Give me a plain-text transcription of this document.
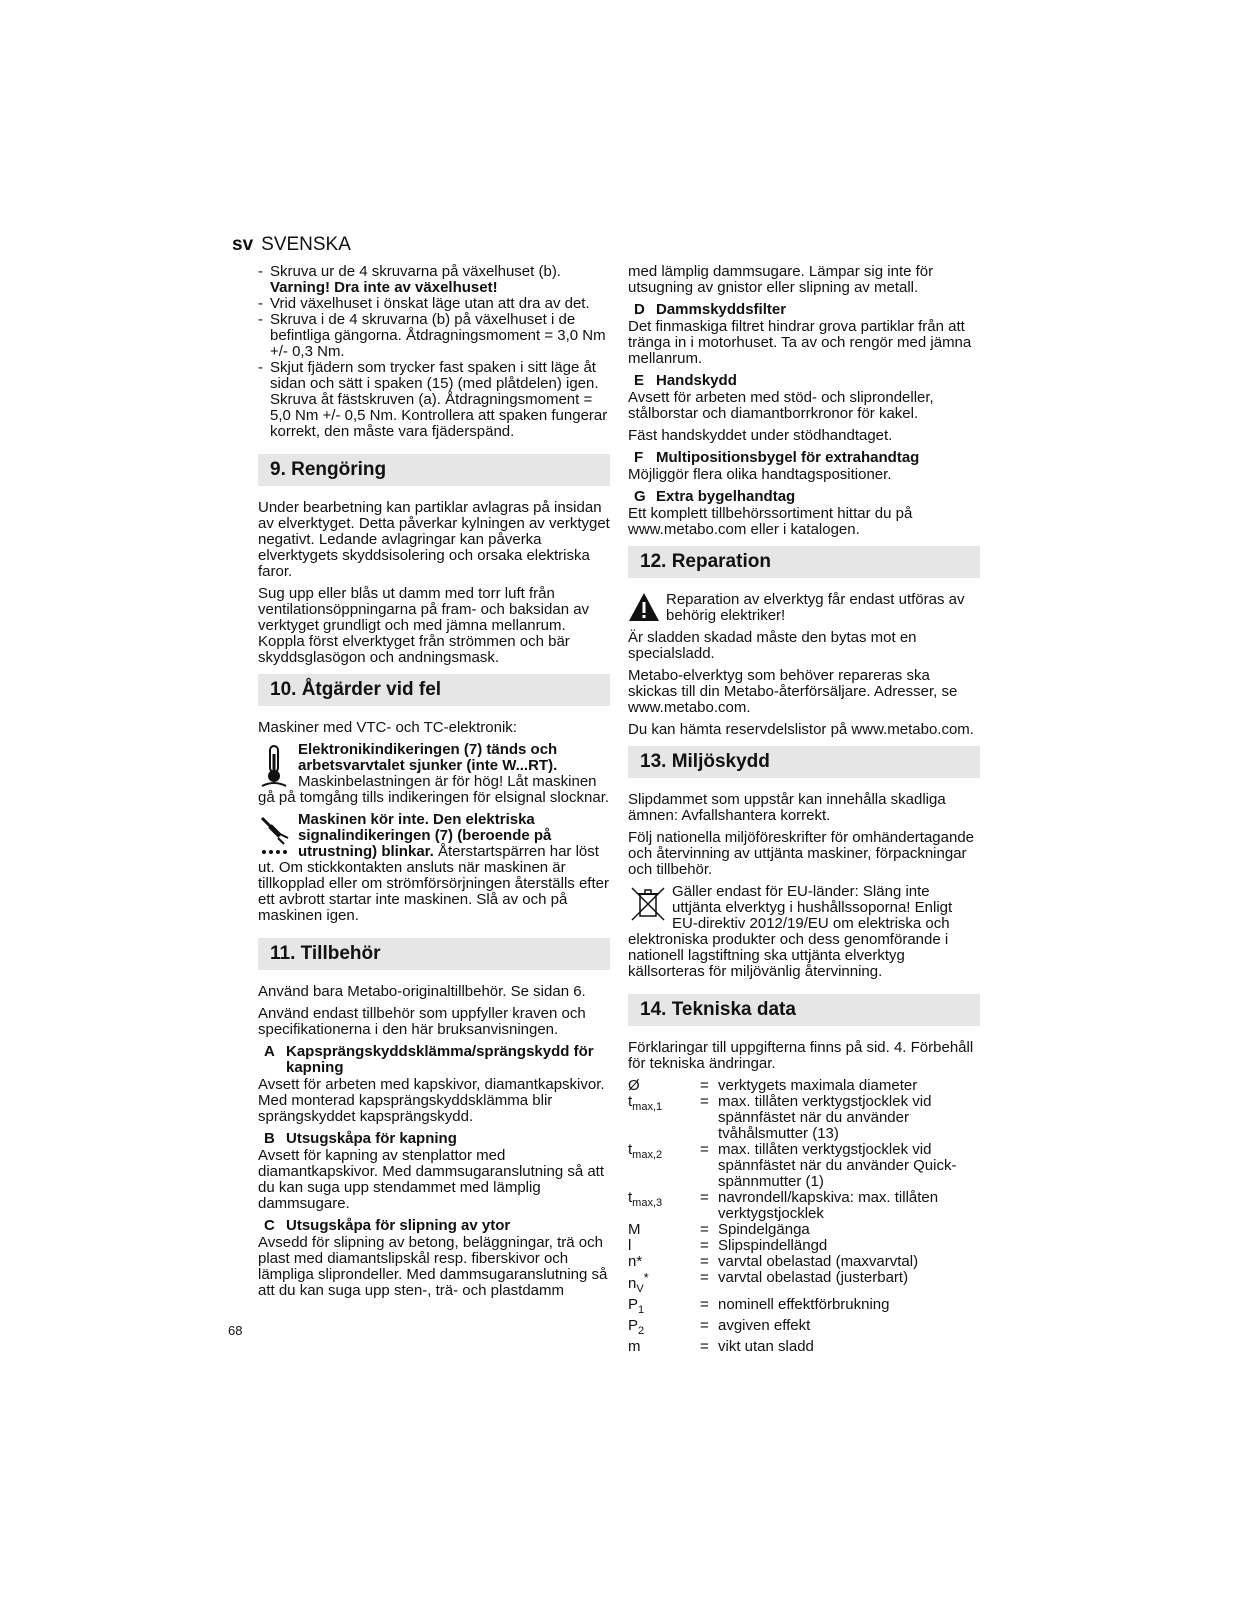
sv SVENSKA
- Skruva ur de 4 skruvarna på växelhuset (b).
Varning! Dra inte av växelhuset!
- Vrid växelhuset i önskat läge utan att dra av det.
- Skruva i de 4 skruvarna (b) på växelhuset i de befintliga gängorna. Åtdragningsmoment = 3,0 Nm +/- 0,3 Nm.
- Skjut fjädern som trycker fast spaken i sitt läge åt sidan och sätt i spaken (15) (med plåtdelen) igen. Skruva åt fästskruven (a). Åtdragningsmoment = 5,0 Nm +/- 0,5 Nm. Kontrollera att spaken fungerar korrekt, den måste vara fjäderspänd.
9. Rengöring

Under bearbetning kan partiklar avlagras på insidan av elverktyget. Detta påverkar kylningen av verktyget negativt. Ledande avlagringar kan påverka elverktygets skyddsisolering och orsaka elektriska faror.

Sug upp eller blås ut damm med torr luft från ventilationsöppningarna på fram- och baksidan av verktyget grundligt och med jämna mellanrum. Koppla först elverktyget från strömmen och bär skyddsglasögon och andningsmask.

10. Åtgärder vid fel

Maskiner med VTC- och TC-elektronik:

Elektronikindikeringen (7) tänds och arbetsvarvtalet sjunker (inte W...RT). Maskinbelastningen är för hög! Låt maskinen gå på tomgång tills indikeringen för elsignal slocknar.
Maskinen kör inte. Den elektriska signalindikeringen (7) (beroende på utrustning) blinkar. Återstartspärren har löst ut. Om stickkontakten ansluts när maskinen är tillkopplad eller om strömförsörjningen återställs efter ett avbrott startar inte maskinen. Slå av och på maskinen igen.
11. Tillbehör

Använd bara Metabo-originaltillbehör. Se sidan 6.

Använd endast tillbehör som uppfyller kraven och specifikationerna i den här bruksanvisningen.

A Kapsprängskyddsklämma/sprängskydd för kapning

Avsett för arbeten med kapskivor, diamantkapskivor. Med monterad kapsprängskyddsklämma blir sprängskyddet kapsprängskydd.

B Utsugskåpa för kapning

Avsett för kapning av stenplattor med diamantkapskivor. Med dammsugaranslutning så att du kan suga upp stendammet med lämplig dammsugare.

C Utsugskåpa för slipning av ytor

Avsedd för slipning av betong, beläggningar, trä och plast med diamantslipskål resp. fiberskivor och lämpliga sliprondeller. Med dammsugaranslutning så att du kan suga upp sten-, trä- och plastdamm

med lämplig dammsugare. Lämpar sig inte för utsugning av gnistor eller slipning av metall.

D Dammskyddsfilter

Det finmaskiga filtret hindrar grova partiklar från att tränga in i motorhuset. Ta av och rengör med jämna mellanrum.

E Handskydd

Avsett för arbeten med stöd- och sliprondeller, stålborstar och diamantborrkronor för kakel.

Fäst handskyddet under stödhandtaget.

F Multipositionsbygel för extrahandtag

Möjliggör flera olika handtagspositioner.

G Extra bygelhandtag

Ett komplett tillbehörssortiment hittar du på www.metabo.com eller i katalogen.

12. Reparation
Reparation av elverktyg får endast utföras av behörig elektriker!

Är sladden skadad måste den bytas mot en specialsladd.

Metabo-elverktyg som behöver repareras ska skickas till din Metabo-återförsäljare. Adresser, se www.metabo.com.

Du kan hämta reservdelslistor på www.metabo.com.

13. Miljöskydd

Slipdammet som uppstår kan innehålla skadliga ämnen: Avfallshantera korrekt.

Följ nationella miljöföreskrifter för omhändertagande och återvinning av uttjänta maskiner, förpackningar och tillbehör.

Gäller endast för EU-länder: Släng inte uttjänta elverktyg i hushållssoporna! Enligt EU-direktiv 2012/19/EU om elektriska och elektroniska produkter och dess genomförande i nationell lagstiftning ska uttjänta elverktyg källsorteras för miljövänlig återvinning.
14. Tekniska data

Förklaringar till uppgifterna finns på sid. 4. Förbehåll för tekniska ändringar.

Ø	= verktygets maximala diameter
$t_{max,1}$	= max. tillåten verktygstjocklek vid spännfästet när du använder tvåhålsmutter (13)
$t_{max,2}$	= max. tillåten verktygstjocklek vid spännfästet när du använder Quick-spännmutter (1)
$t_{max,3}$	= navrondell/kapskiva: max. tillåten verktygstjocklek
M	= Spindelgänga
l	= Slipspindellängd
n*	= varvtal obelastad (maxvarvtal)
$n_V^*$	= varvtal obelastad (justerbart)
$P_1$	= nominell effektförbrukning
$P_2$	= avgiven effekt
m	= vikt utan sladd
68
